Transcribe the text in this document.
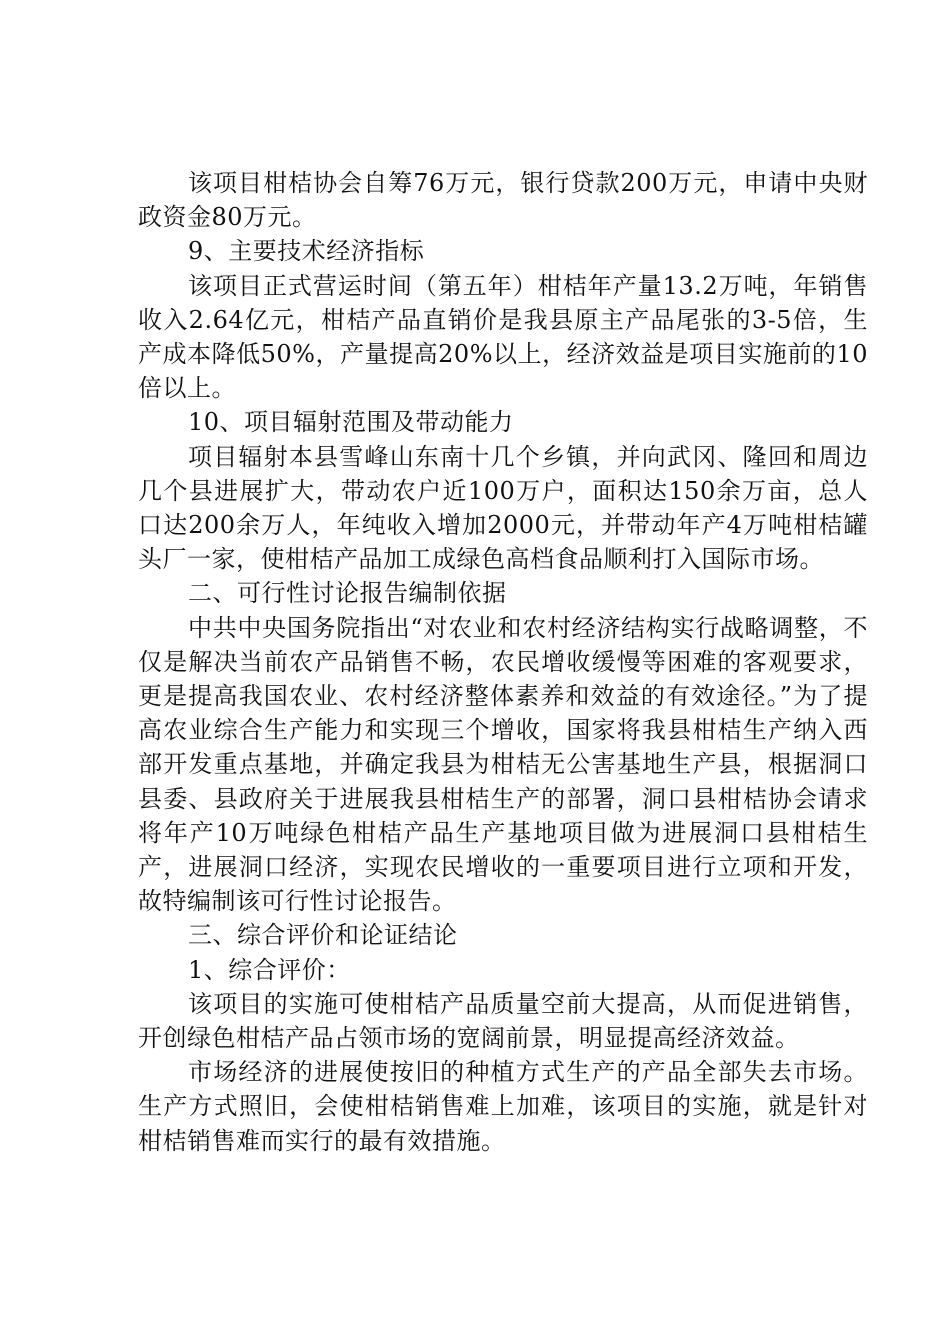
该项目柑桔协会自筹76万元，银行贷款200万元，申请中央财政资金80万元。

9、主要技术经济指标

该项目正式营运时间（第五年）柑桔年产量13.2万吨，年销售收入2.64亿元，柑桔产品直销价是我县原主产品尾张的3-5倍，生产成本降低50%，产量提高20%以上，经济效益是项目实施前的10倍以上。

10、项目辐射范围及带动能力

项目辐射本县雪峰山东南十几个乡镇，并向武冈、隆回和周边几个县进展扩大，带动农户近100万户，面积达150余万亩，总人口达200余万人，年纯收入增加2000元，并带动年产4万吨柑桔罐头厂一家，使柑桔产品加工成绿色高档食品顺利打入国际市场。

二、可行性讨论报告编制依据

中共中央国务院指出“对农业和农村经济结构实行战略调整，不仅是解决当前农产品销售不畅，农民增收缓慢等困难的客观要求，更是提高我国农业、农村经济整体素养和效益的有效途径。”为了提高农业综合生产能力和实现三个增收，国家将我县柑桔生产纳入西部开发重点基地，并确定我县为柑桔无公害基地生产县，根据洞口县委、县政府关于进展我县柑桔生产的部署，洞口县柑桔协会请求将年产10万吨绿色柑桔产品生产基地项目做为进展洞口县柑桔生产，进展洞口经济，实现农民增收的一重要项目进行立项和开发，故特编制该可行性讨论报告。

三、综合评价和论证结论

1、综合评价：

该项目的实施可使柑桔产品质量空前大提高，从而促进销售，开创绿色柑桔产品占领市场的宽阔前景，明显提高经济效益。

市场经济的进展使按旧的种植方式生产的产品全部失去市场。生产方式照旧，会使柑桔销售难上加难，该项目的实施，就是针对柑桔销售难而实行的最有效措施。
